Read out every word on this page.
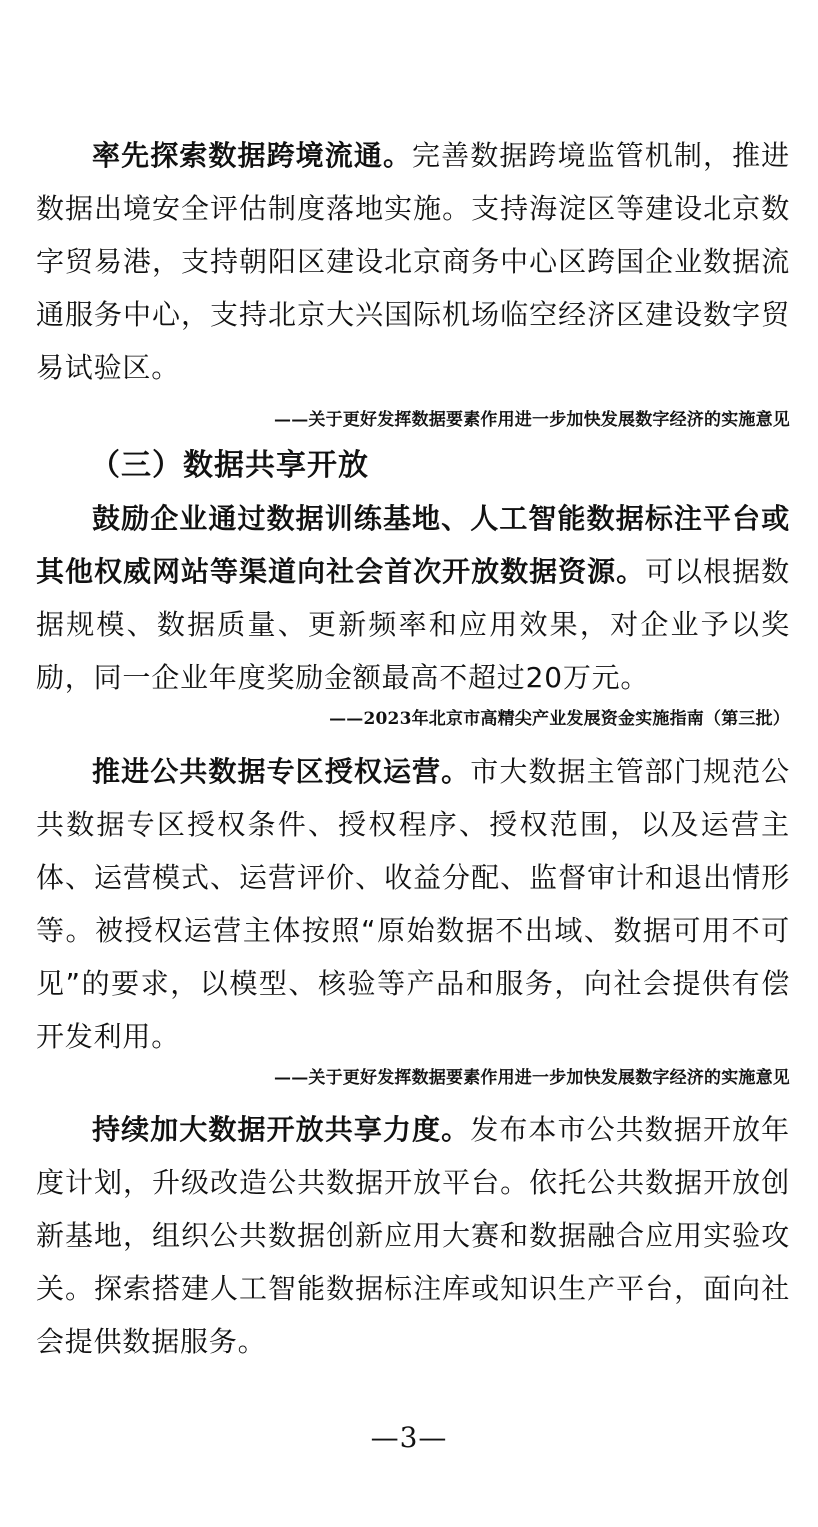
率先探索数据跨境流通。完善数据跨境监管机制，推进数据出境安全评估制度落地实施。支持海淀区等建设北京数字贸易港，支持朝阳区建设北京商务中心区跨国企业数据流通服务中心，支持北京大兴国际机场临空经济区建设数字贸易试验区。

——关于更好发挥数据要素作用进一步加快发展数字经济的实施意见

（三）数据共享开放

鼓励企业通过数据训练基地、人工智能数据标注平台或其他权威网站等渠道向社会首次开放数据资源。可以根据数据规模、数据质量、更新频率和应用效果，对企业予以奖励，同一企业年度奖励金额最高不超过20万元。

——2023年北京市高精尖产业发展资金实施指南（第三批）

推进公共数据专区授权运营。市大数据主管部门规范公共数据专区授权条件、授权程序、授权范围，以及运营主体、运营模式、运营评价、收益分配、监督审计和退出情形等。被授权运营主体按照“原始数据不出域、数据可用不可见”的要求，以模型、核验等产品和服务，向社会提供有偿开发利用。

——关于更好发挥数据要素作用进一步加快发展数字经济的实施意见

持续加大数据开放共享力度。发布本市公共数据开放年度计划，升级改造公共数据开放平台。依托公共数据开放创新基地，组织公共数据创新应用大赛和数据融合应用实验攻关。探索搭建人工智能数据标注库或知识生产平台，面向社会提供数据服务。

—3—
